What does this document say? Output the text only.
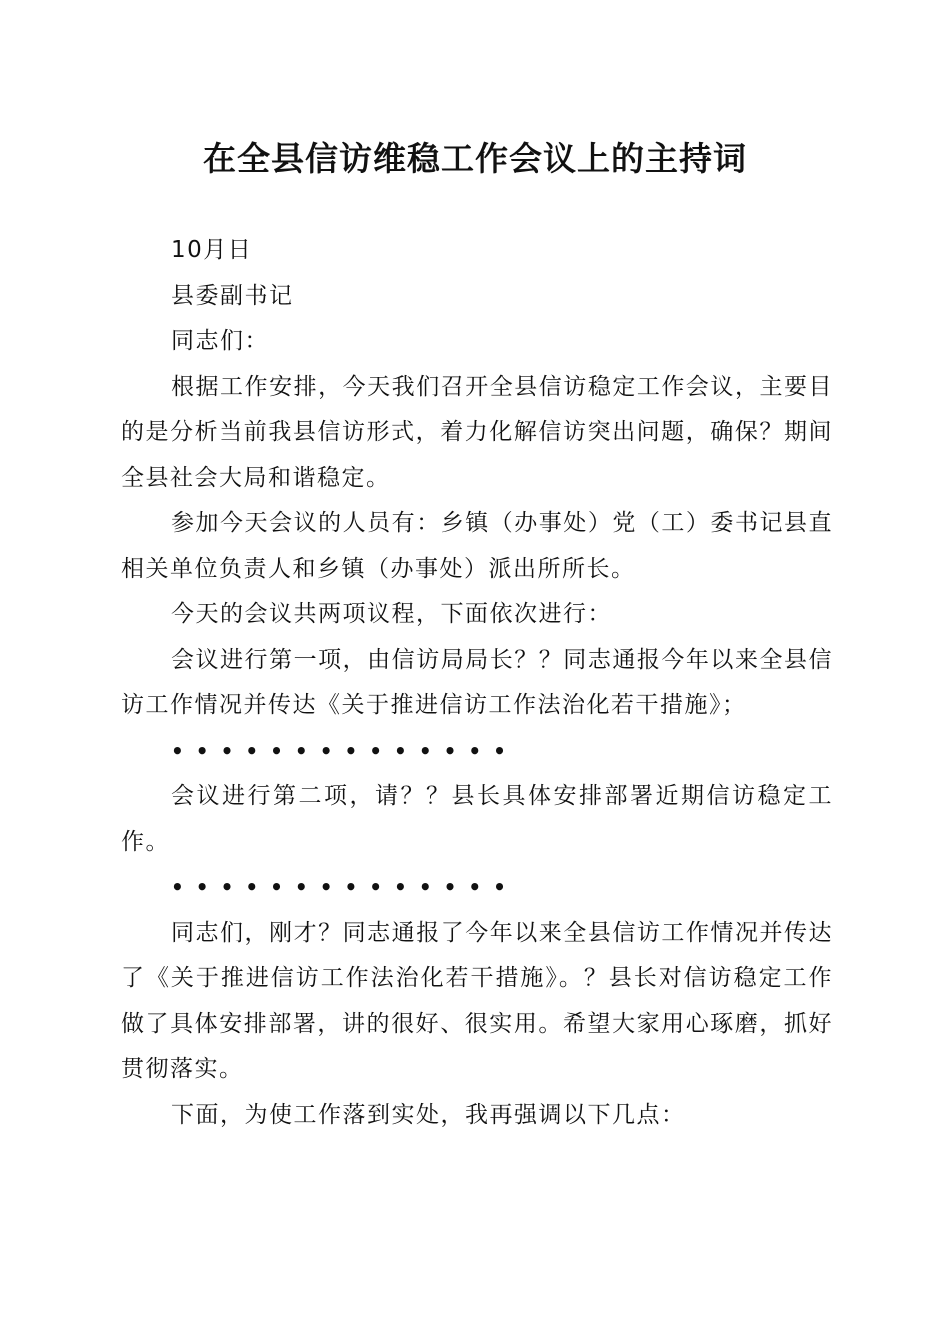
在全县信访维稳工作会议上的主持词

10月日

县委副书记

同志们：

根据工作安排，今天我们召开全县信访稳定工作会议，主要目的是分析当前我县信访形式，着力化解信访突出问题，确保？期间全县社会大局和谐稳定。

参加今天会议的人员有：乡镇（办事处）党（工）委书记县直相关单位负责人和乡镇（办事处）派出所所长。

今天的会议共两项议程，下面依次进行：

会议进行第一项，由信访局局长？？同志通报今年以来全县信访工作情况并传达《关于推进信访工作法治化若干措施》；

••••••••••••••

会议进行第二项，请？？县长具体安排部署近期信访稳定工作。

••••••••••••••

同志们，刚才？同志通报了今年以来全县信访工作情况并传达了《关于推进信访工作法治化若干措施》。？县长对信访稳定工作做了具体安排部署，讲的很好、很实用。希望大家用心琢磨，抓好贯彻落实。

下面，为使工作落到实处，我再强调以下几点：
